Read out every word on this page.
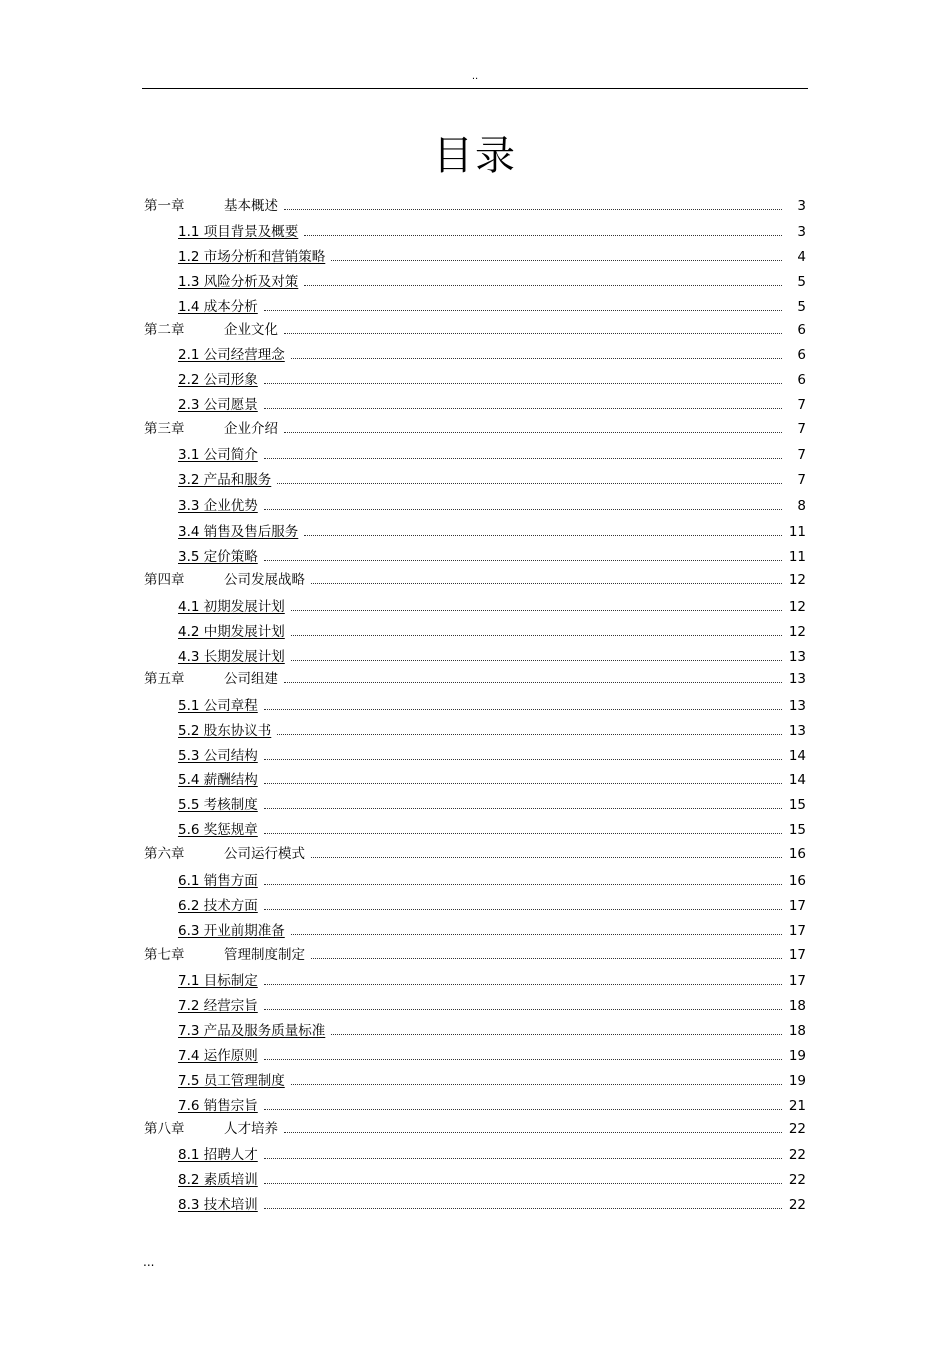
..
目录
第一章	基本概述	3
1.1 项目背景及概要	3
1.2 市场分析和营销策略	4
1.3 风险分析及对策	5
1.4 成本分析	5
第二章	企业文化	6
2.1 公司经营理念	6
2.2 公司形象	6
2.3 公司愿景	7
第三章	企业介绍	7
3.1 公司简介	7
3.2 产品和服务	7
3.3 企业优势	8
3.4 销售及售后服务	11
3.5 定价策略	11
第四章	公司发展战略	12
4.1 初期发展计划	12
4.2 中期发展计划	12
4.3 长期发展计划	13
第五章	公司组建	13
5.1 公司章程	13
5.2 股东协议书	13
5.3 公司结构	14
5.4 薪酬结构	14
5.5 考核制度	15
5.6 奖惩规章	15
第六章	公司运行模式	16
6.1 销售方面	16
6.2 技术方面	17
6.3 开业前期准备	17
第七章	管理制度制定	17
7.1 目标制定	17
7.2 经营宗旨	18
7.3 产品及服务质量标准	18
7.4 运作原则	19
7.5 员工管理制度	19
7.6 销售宗旨	21
第八章	人才培养	22
8.1 招聘人才	22
8.2 素质培训	22
8.3 技术培训	22
...
